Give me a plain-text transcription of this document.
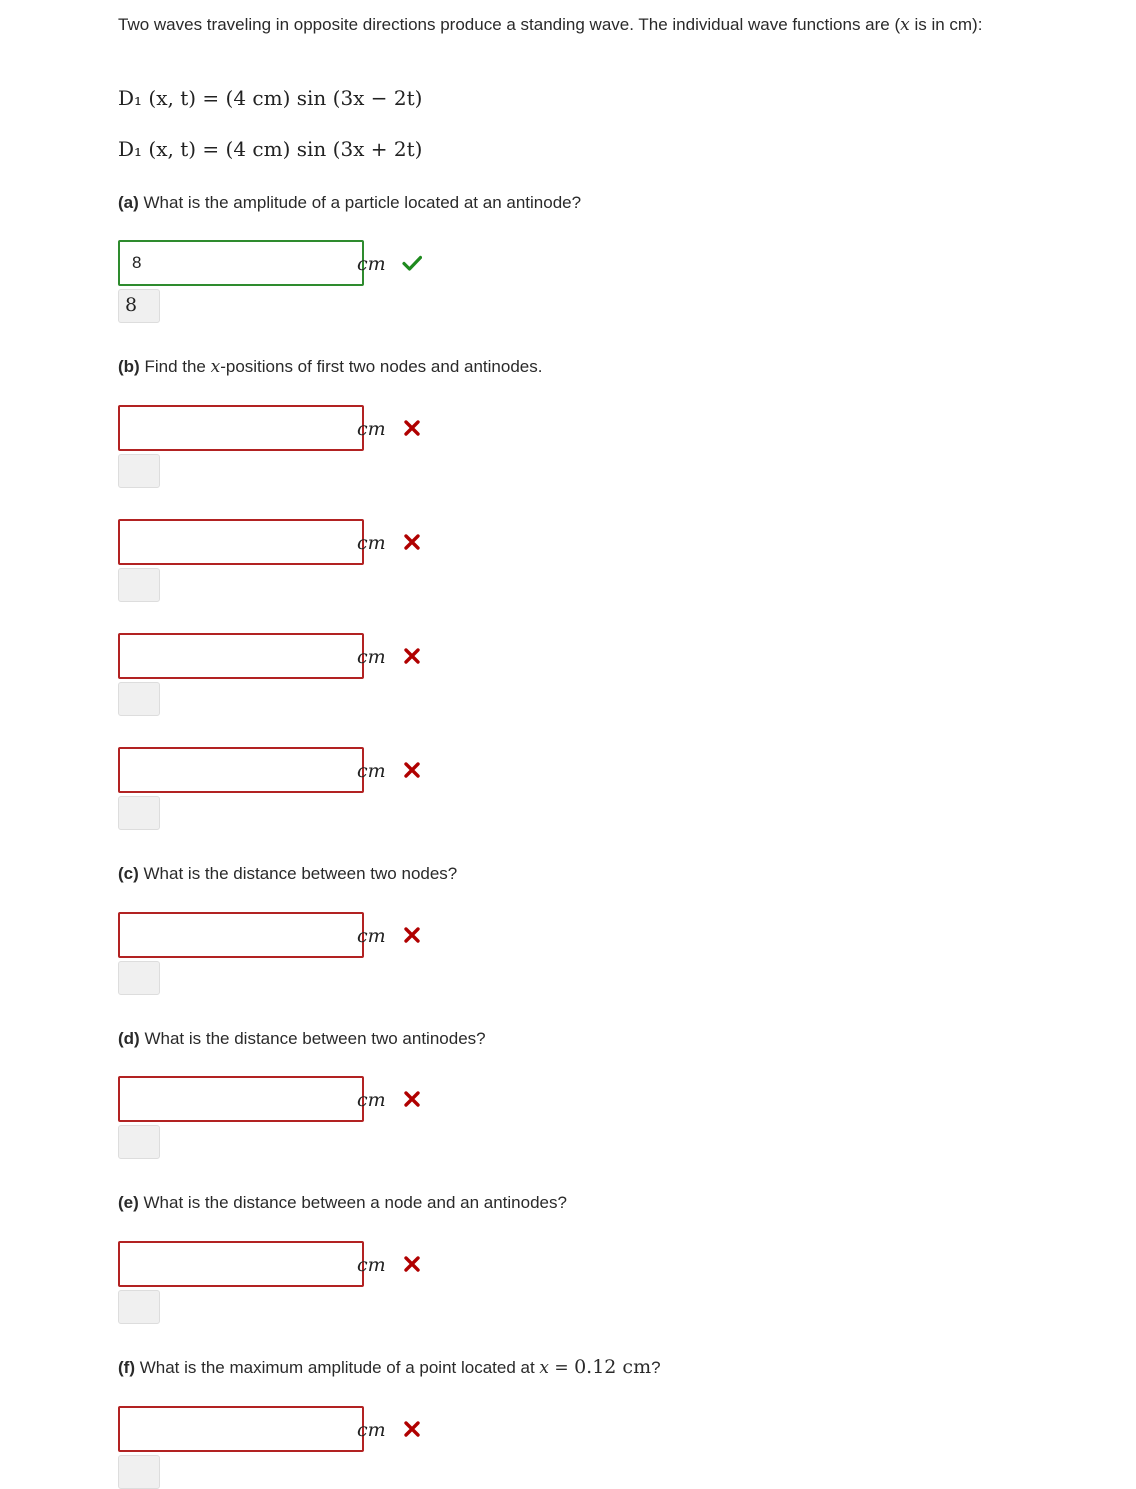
Two waves traveling in opposite directions produce a standing wave. The individual wave functions are (x is in cm):
D₁ (x, t) = (4 cm) sin (3x − 2t)
D₁ (x, t) = (4 cm) sin (3x + 2t)
(a) What is the amplitude of a particle located at an antinode?
8
cm
8
(b) Find the x-positions of first two nodes and antinodes.
cm
cm
cm
cm
(c) What is the distance between two nodes?
cm
(d) What is the distance between two antinodes?
cm
(e) What is the distance between a node and an antinodes?
cm
(f) What is the maximum amplitude of a point located at x = 0.12 cm?
cm
